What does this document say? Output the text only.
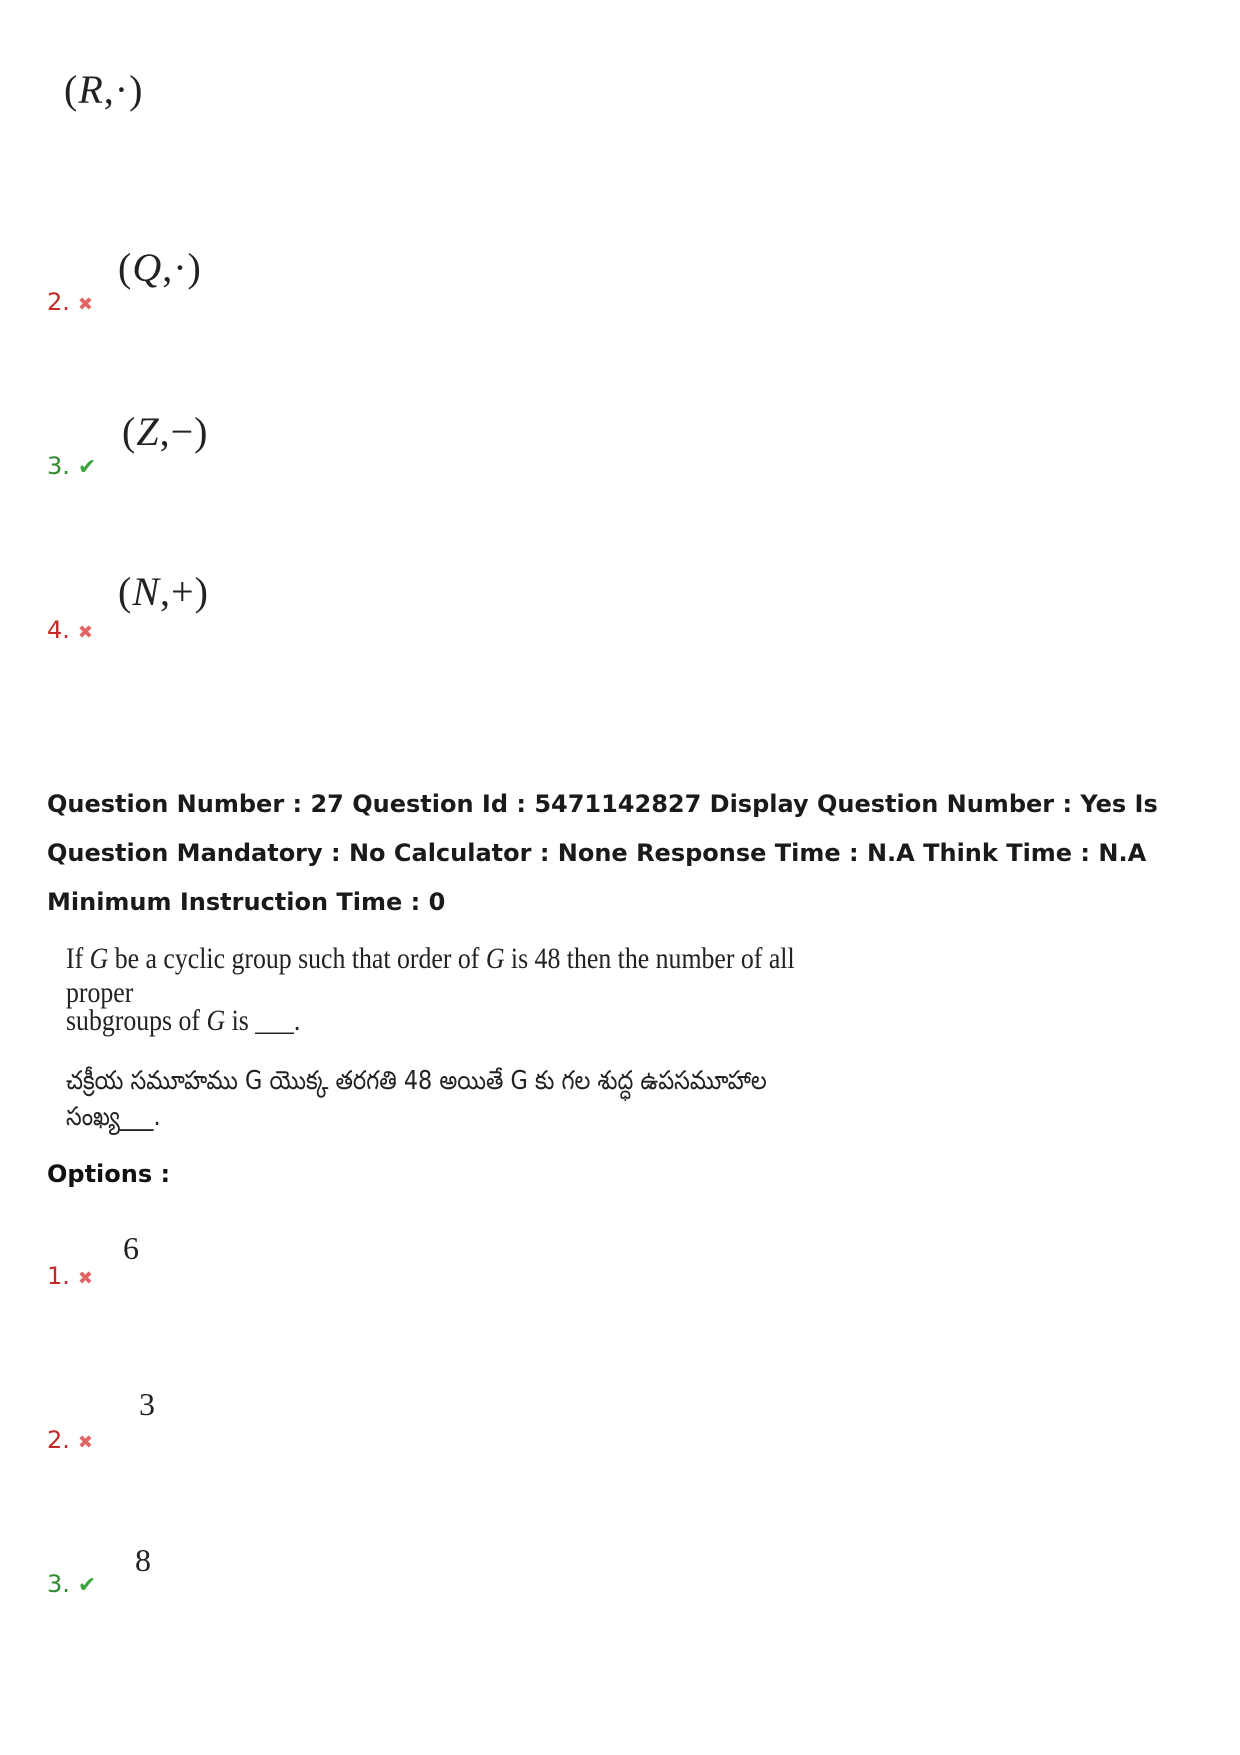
(R,·)
2. ✖
(Q,·)
3. ✔
(Z,−)
4. ✖
(N,+)
Question Number : 27 Question Id : 5471142827 Display Question Number : Yes Is Question Mandatory : No Calculator : None Response Time : N.A Think Time : N.A Minimum Instruction Time : 0
If G be a cyclic group such that order of G is 48 then the number of all proper
subgroups of G is ___.
చక్రీయ సమూహము G యొక్క తరగతి 48 అయితే G కు గల శుద్ధ ఉపసమూహాల సంఖ్య___.
Options :
1. ✖
6
2. ✖
3
3. ✔
8
